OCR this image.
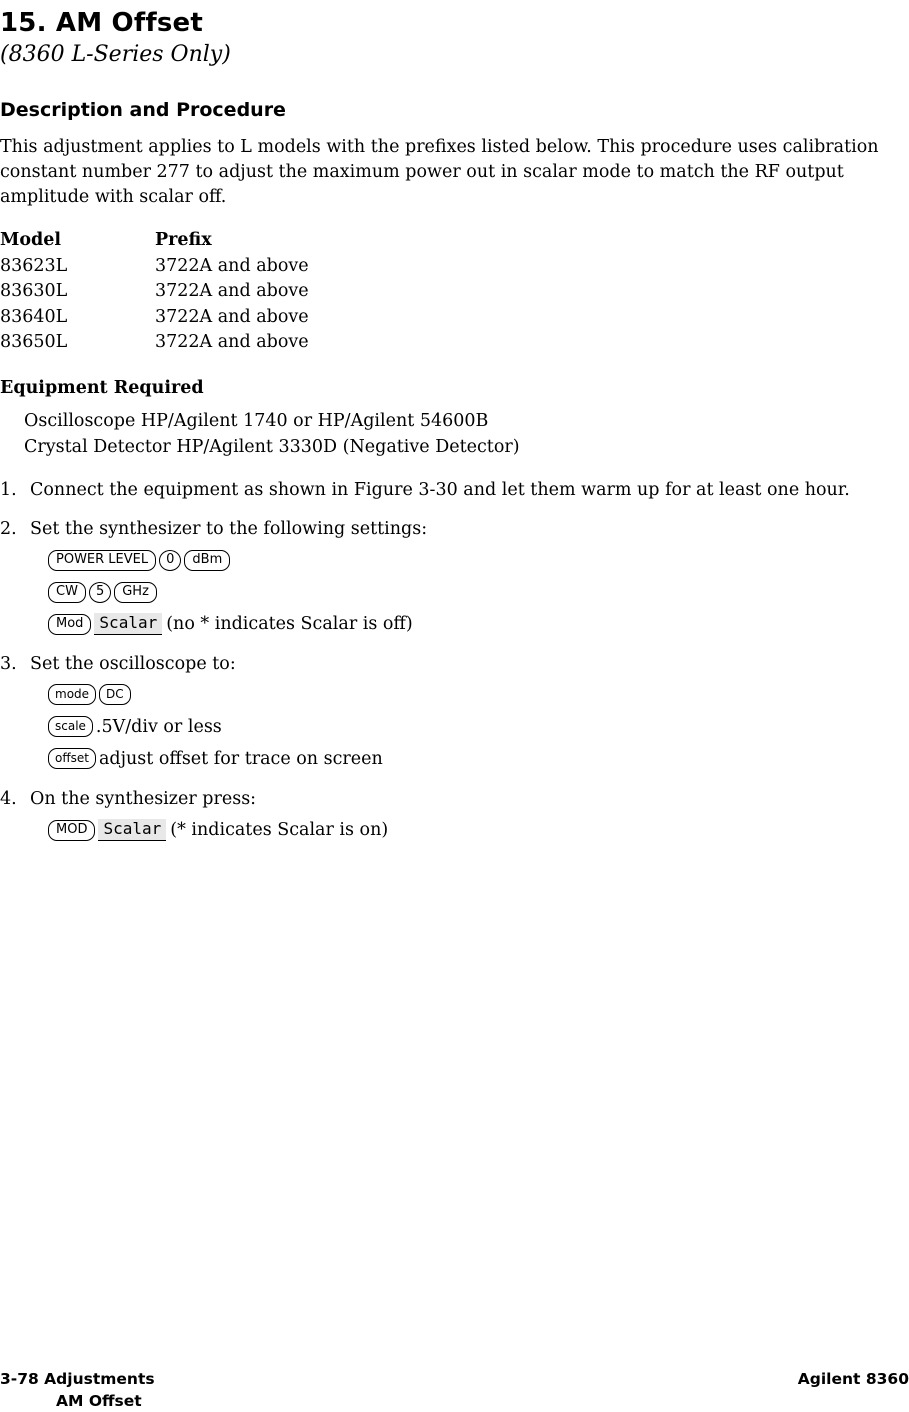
15. AM Offset
(8360 L-Series Only)
Description and Procedure

This adjustment applies to L models with the prefixes listed below. This procedure uses calibration constant number 277 to adjust the maximum power out in scalar mode to match the RF output amplitude with scalar off.

Model	Prefix
83623L	3722A and above
83630L	3722A and above
83640L	3722A and above
83650L	3722A and above
Equipment Required
Oscilloscope HP/Agilent 1740 or HP/Agilent 54600B
Crystal Detector HP/Agilent 3330D (Negative Detector)
1. Connect the equipment as shown in Figure 3-30 and let them warm up for at least one hour.
2. Set the synthesizer to the following settings:
POWER LEVEL 0 dBm
CW 5 GHz
Mod Scalar (no * indicates Scalar is off)
3. Set the oscilloscope to:
mode DC
scale .5V/div or less
offset adjust offset for trace on screen
4. On the synthesizer press:
MOD Scalar (* indicates Scalar is on)
3-78 Adjustments
AM Offset
Agilent 8360
